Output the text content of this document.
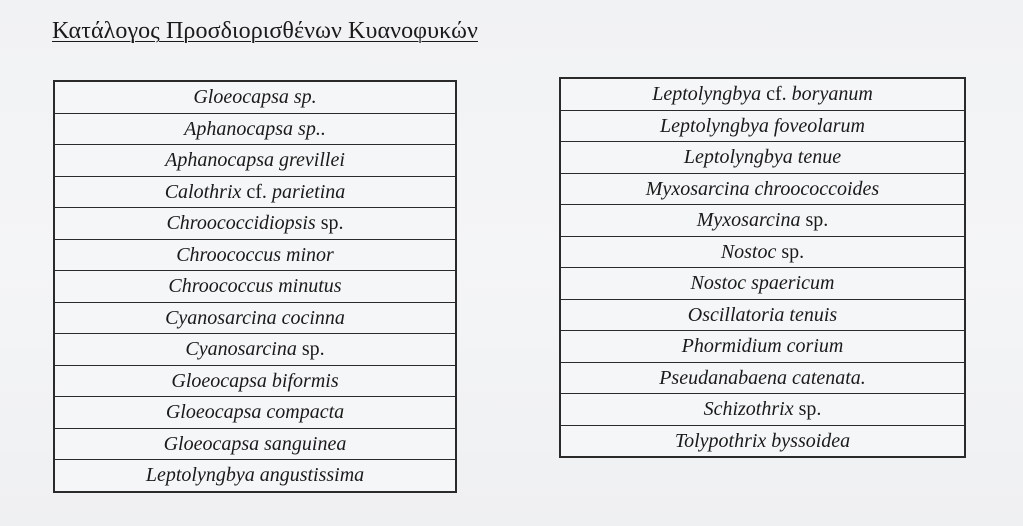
Κατάλογος Προσδιορισθένων Κυανοφυκών
Gloeocapsa sp.
Aphanocapsa sp..
Aphanocapsa grevillei
Calothrix cf. parietina
Chroococcidiopsis sp.
Chroococcus minor
Chroococcus minutus
Cyanosarcina cocinna
Cyanosarcina sp.
Gloeocapsa biformis
Gloeocapsa compacta
Gloeocapsa sanguinea
Leptolyngbya angustissima
Leptolyngbya cf. boryanum
Leptolyngbya foveolarum
Leptolyngbya tenue
Myxosarcina chroococcoides
Myxosarcina sp.
Nostoc sp.
Nostoc spaericum
Oscillatoria tenuis
Phormidium corium
Pseudanabaena catenata.
Schizothrix sp.
Tolypothrix byssoidea
